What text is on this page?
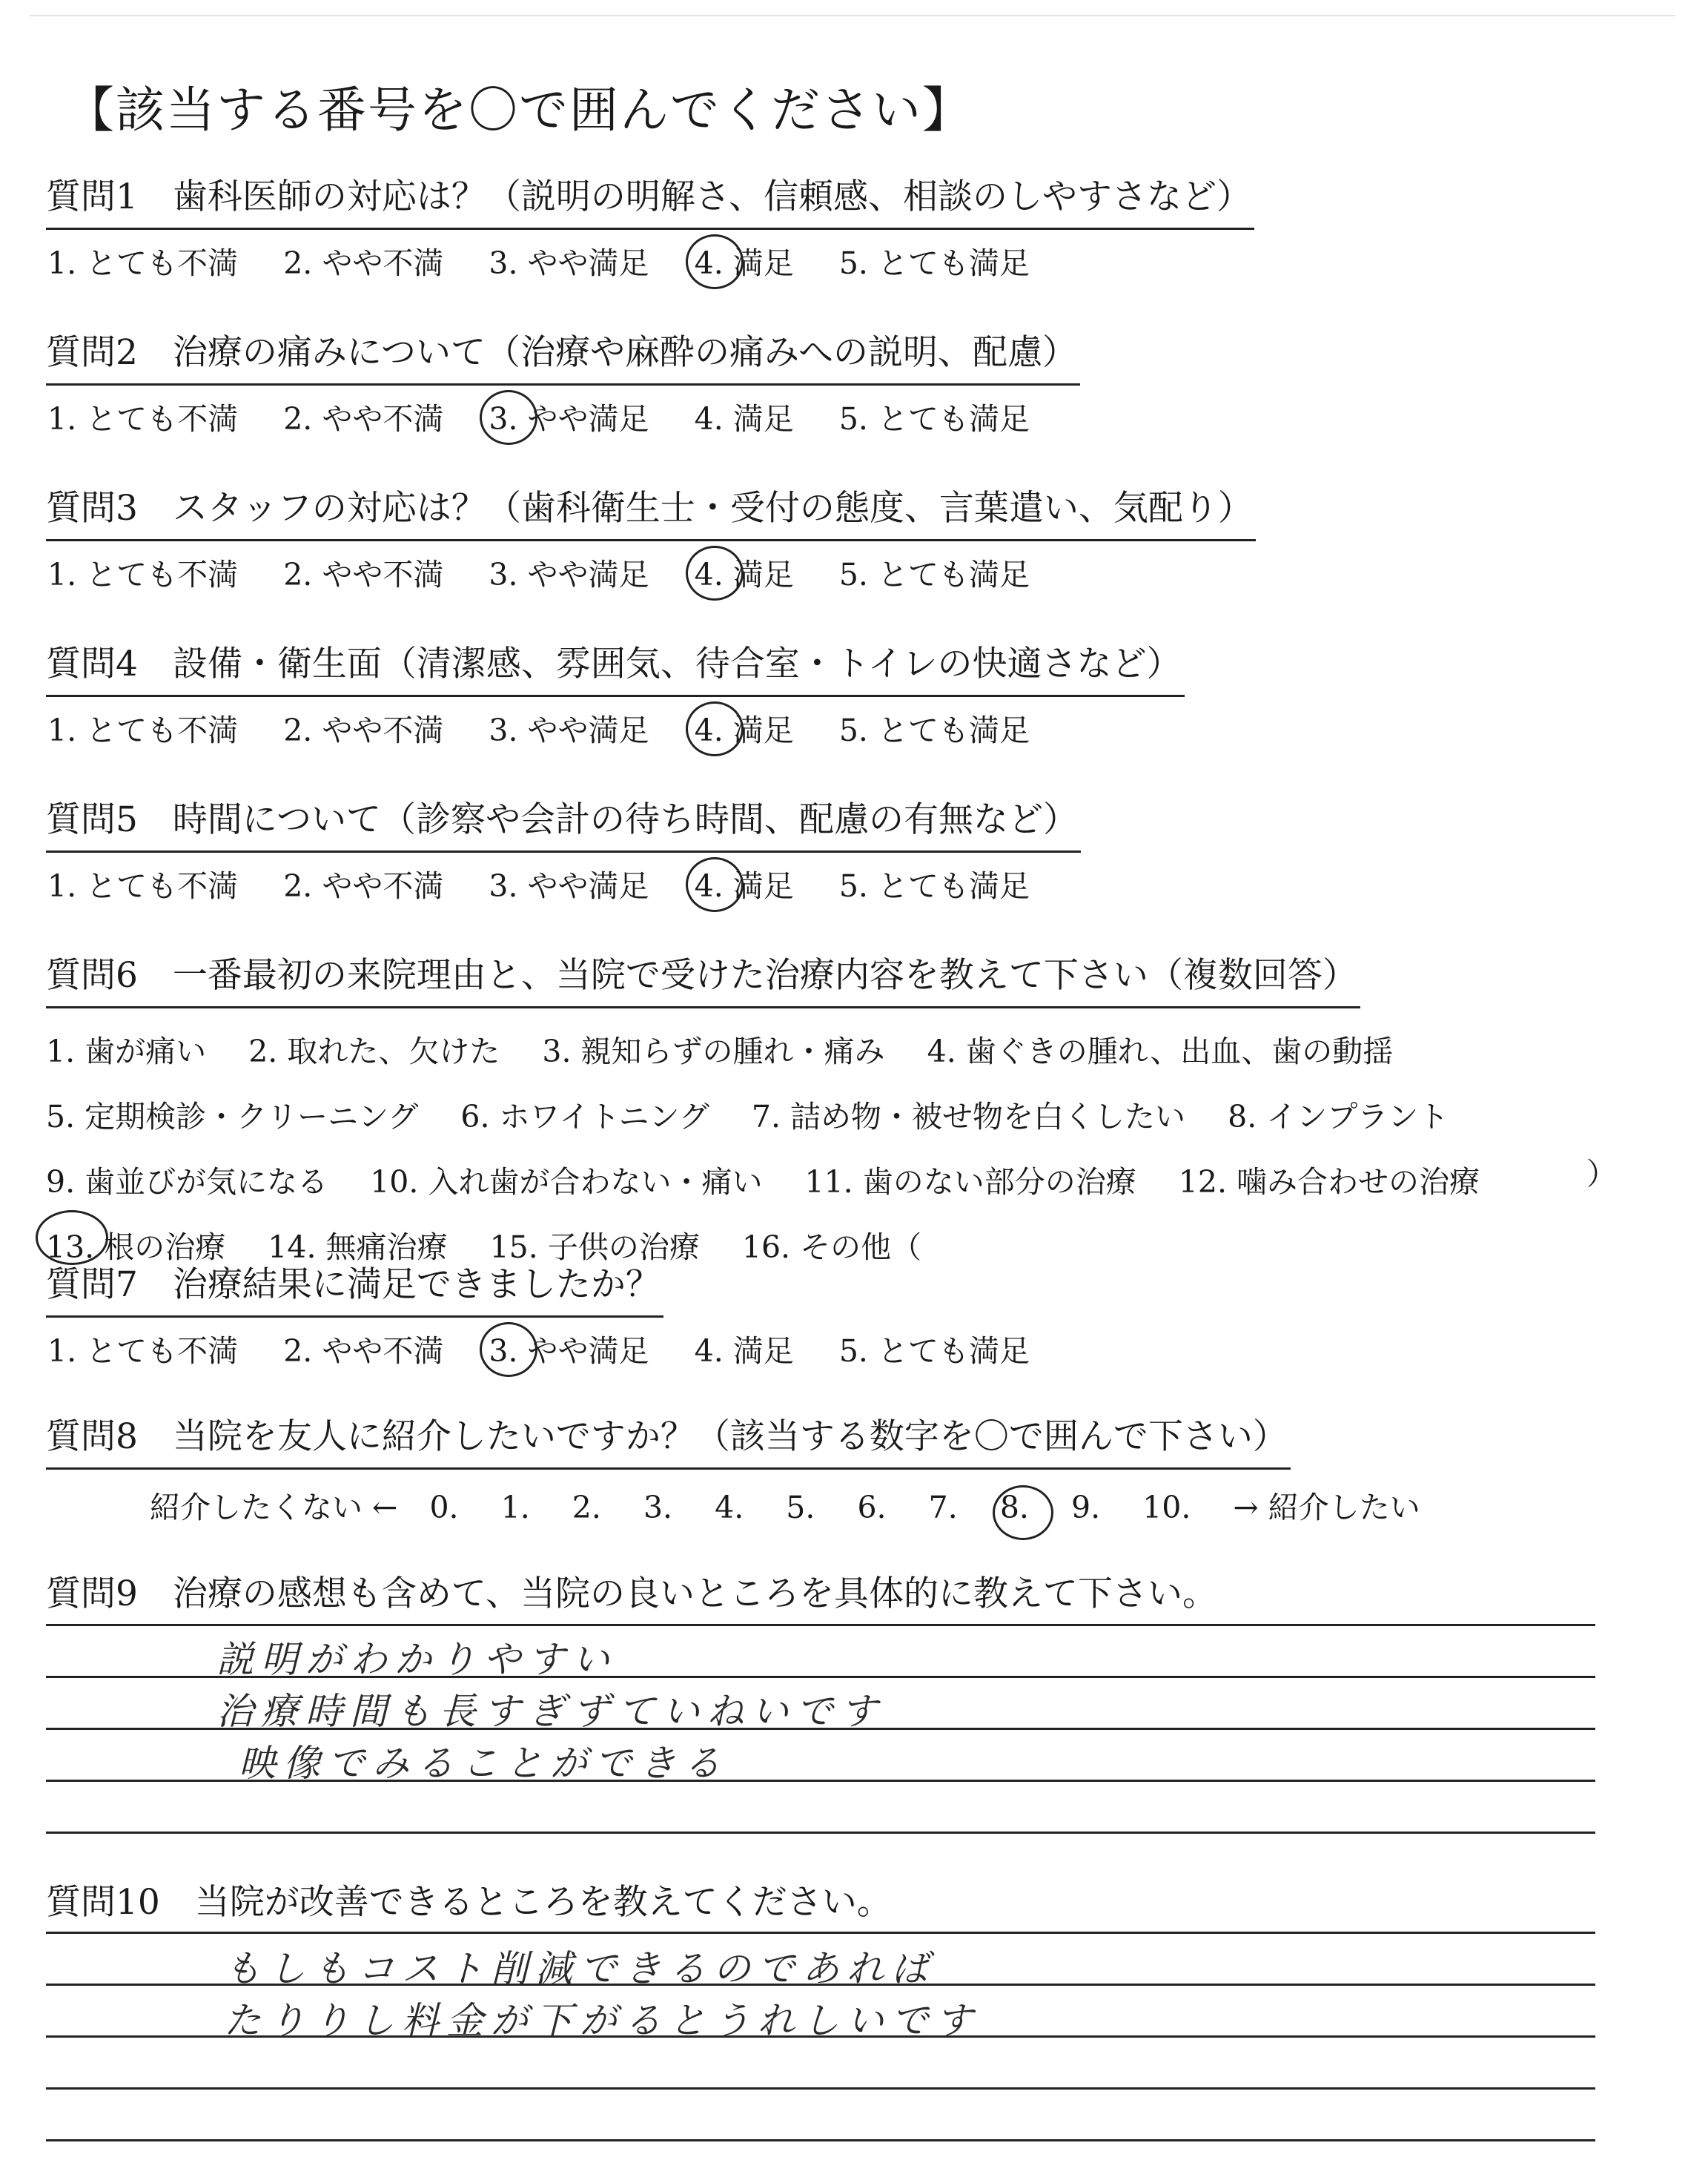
【該当する番号を〇で囲んでください】
質問1　歯科医師の対応は？（説明の明解さ、信頼感、相談のしやすさなど）
1. とても不満 2. やや不満 3. やや満足 4. 満足 5. とても満足
質問2　治療の痛みについて（治療や麻酔の痛みへの説明、配慮）
1. とても不満 2. やや不満 3. やや満足 4. 満足 5. とても満足
質問3　スタッフの対応は？（歯科衛生士・受付の態度、言葉遣い、気配り）
1. とても不満 2. やや不満 3. やや満足 4. 満足 5. とても満足
質問4　設備・衛生面（清潔感、雰囲気、待合室・トイレの快適さなど）
1. とても不満 2. やや不満 3. やや満足 4. 満足 5. とても満足
質問5　時間について（診察や会計の待ち時間、配慮の有無など）
1. とても不満 2. やや不満 3. やや満足 4. 満足 5. とても満足
質問6　一番最初の来院理由と、当院で受けた治療内容を教えて下さい（複数回答）
1. 歯が痛い 2. 取れた、欠けた 3. 親知らずの腫れ・痛み 4. 歯ぐきの腫れ、出血、歯の動揺
5. 定期検診・クリーニング 6. ホワイトニング 7. 詰め物・被せ物を白くしたい 8. インプラント
9. 歯並びが気になる 10. 入れ歯が合わない・痛い 11. 歯のない部分の治療 12. 噛み合わせの治療
13. 根の治療 14. 無痛治療 15. 子供の治療 16. その他（
）
質問7　治療結果に満足できましたか？
1. とても不満 2. やや不満 3. やや満足 4. 満足 5. とても満足
質問8　当院を友人に紹介したいですか？（該当する数字を〇で囲んで下さい）
紹介したくない ← 0. 1. 2. 3. 4. 5. 6. 7. 8. 9. 10. → 紹介したい
質問9　治療の感想も含めて、当院の良いところを具体的に教えて下さい。
説明がわかりやすい
治療時間も長すぎずていねいです
映像でみることができる
質問10　当院が改善できるところを教えてください。
もしもコスト削減できるのであれば
たりりし料金が下がるとうれしいです
